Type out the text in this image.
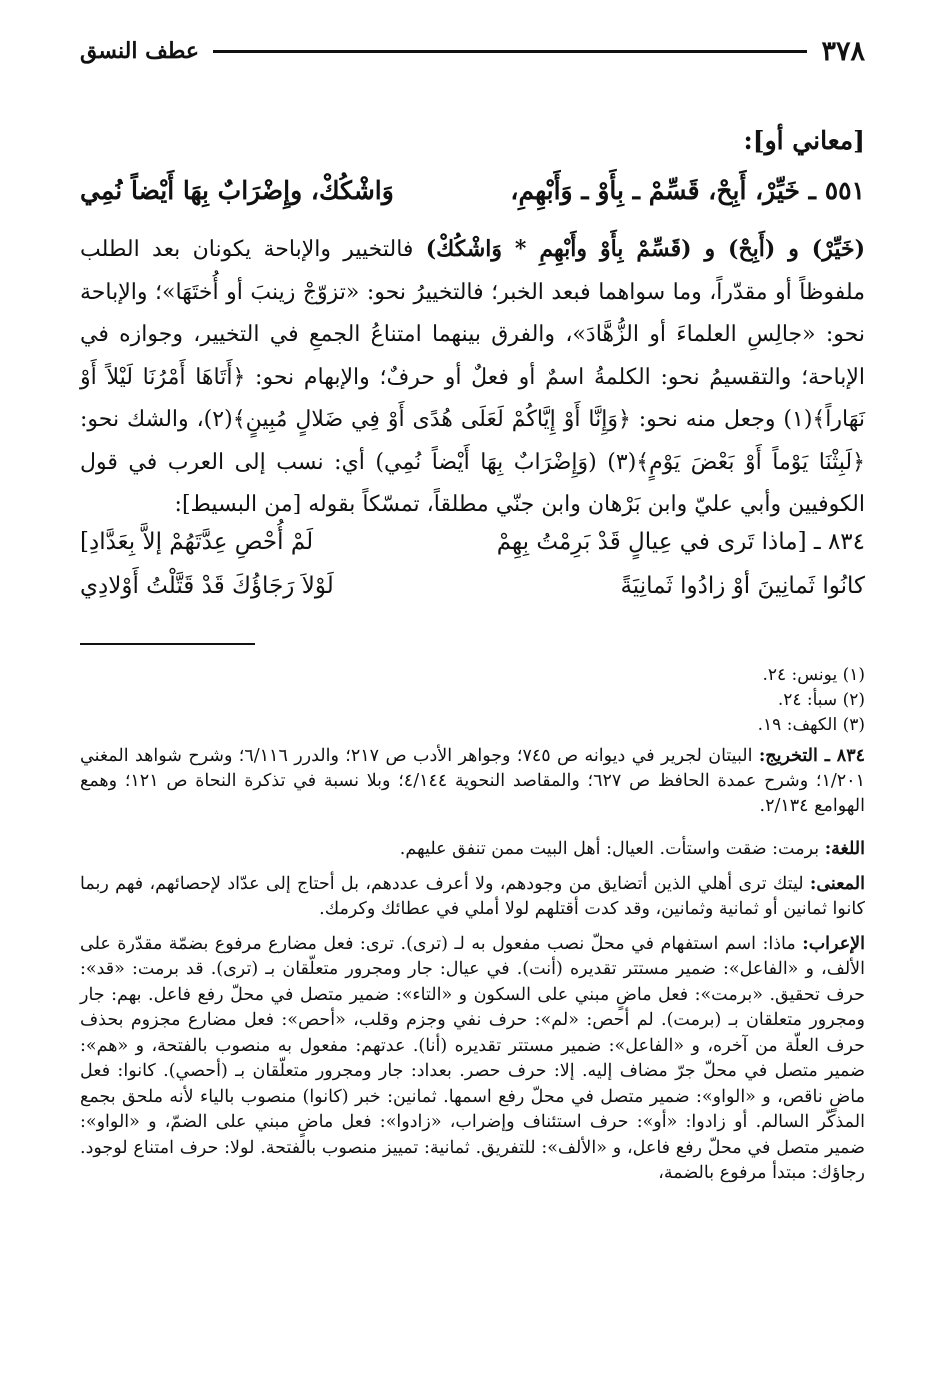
٣٧٨
عطف النسق
[معاني أو]:
٥٥١ ـ خَيِّرْ، أَبِحْ، قَسِّمْ ـ بِأَوْ ـ وَأَبْهِمِ،
وَاشْكُكْ، وإِضْرَابٌ بِهَا أَيْضاً نُمِي

(خَيِّرْ) و (أَبِحْ) و (قَسِّمْ بِأَوْ وأَبْهِمِ * وَاشْكُكْ) فالتخيير والإباحة يكونان بعد الطلب ملفوظاً أو مقدّراً، وما سواهما فبعد الخبر؛ فالتخييرُ نحو: «تزوّجْ زينبَ أو أُختَهَا»؛ والإباحة نحو: «جالِسِ العلماءَ أو الزُّهَّادَ»، والفرق بينهما امتناعُ الجمعِ في التخيير، وجوازه في الإباحة؛ والتقسيمُ نحو: الكلمةُ اسمٌ أو فعلٌ أو حرفٌ؛ والإبهام نحو: ﴿أَتَاهَا أَمْرُنَا لَيْلاً أَوْ نَهَاراً﴾(١) وجعل منه نحو: ﴿وَإِنَّا أَوْ إِيَّاكُمْ لَعَلَى هُدًى أَوْ فِي ضَلالٍ مُبِينٍ﴾(٢)، والشك نحو: ﴿لَبِثْنَا يَوْماً أَوْ بَعْضَ يَوْمٍ﴾(٣) (وَإِضْرَابٌ بِهَا أَيْضاً نُمِي) أي: نسب إلى العرب في قول الكوفيين وأبي عليّ وابن بَرْهان وابن جنّي مطلقاً، تمسّكاً بقوله [من البسيط]:

٨٣٤ ـ [ماذا تَرى في عِيالٍ قَدْ بَرِمْتُ بِهِمْ
لَمْ أُحْصِ عِدَّتَهُمْ إلاَّ بِعَدَّادِ]
كانُوا ثَمانِينَ أوْ زادُوا ثَمانِيَةً
لَوْلاَ رَجَاؤُكَ قَدْ قَتَّلْتُ أَوْلادِي
(١) يونس: ٢٤.
(٢) سبأ: ٢٤.
(٣) الكهف: ١٩.
٨٣٤ ـ التخريج: البيتان لجرير في ديوانه ص ٧٤٥؛ وجواهر الأدب ص ٢١٧؛ والدرر ٦/١١٦؛ وشرح شواهد المغني ١/٢٠١؛ وشرح عمدة الحافظ ص ٦٢٧؛ والمقاصد النحوية ٤/١٤٤؛ وبلا نسبة في تذكرة النحاة ص ١٢١؛ وهمع الهوامع ٢/١٣٤.
اللغة: برمت: ضقت واستأت. العيال: أهل البيت ممن تنفق عليهم.
المعنى: ليتك ترى أهلي الذين أتضايق من وجودهم، ولا أعرف عددهم، بل أحتاج إلى عدّاد لإحصائهم، فهم ربما كانوا ثمانين أو ثمانية وثمانين، وقد كدت أقتلهم لولا أملي في عطائك وكرمك.
الإعراب: ماذا: اسم استفهام في محلّ نصب مفعول به لـ (ترى). ترى: فعل مضارع مرفوع بضمّة مقدّرة على الألف، و «الفاعل»: ضمير مستتر تقديره (أنت). في عيال: جار ومجرور متعلّقان بـ (ترى). قد برمت: «قد»: حرف تحقيق. «برمت»: فعل ماضٍ مبني على السكون و «التاء»: ضمير متصل في محلّ رفع فاعل. بهم: جار ومجرور متعلقان بـ (برمت). لم أحص: «لم»: حرف نفي وجزم وقلب، «أحص»: فعل مضارع مجزوم بحذف حرف العلّة من آخره، و «الفاعل»: ضمير مستتر تقديره (أنا). عدتهم: مفعول به منصوب بالفتحة، و «هم»: ضمير متصل في محلّ جرّ مضاف إليه. إلا: حرف حصر. بعداد: جار ومجرور متعلّقان بـ (أحصي). كانوا: فعل ماضٍ ناقص، و «الواو»: ضمير متصل في محلّ رفع اسمها. ثمانين: خبر (كانوا) منصوب بالياء لأنه ملحق بجمع المذكّر السالم. أو زادوا: «أو»: حرف استئناف وإضراب، «زادوا»: فعل ماضٍ مبني على الضمّ، و «الواو»: ضمير متصل في محلّ رفع فاعل، و «الألف»: للتفريق. ثمانية: تمييز منصوب بالفتحة. لولا: حرف امتناع لوجود. رجاؤك: مبتدأ مرفوع بالضمة،
